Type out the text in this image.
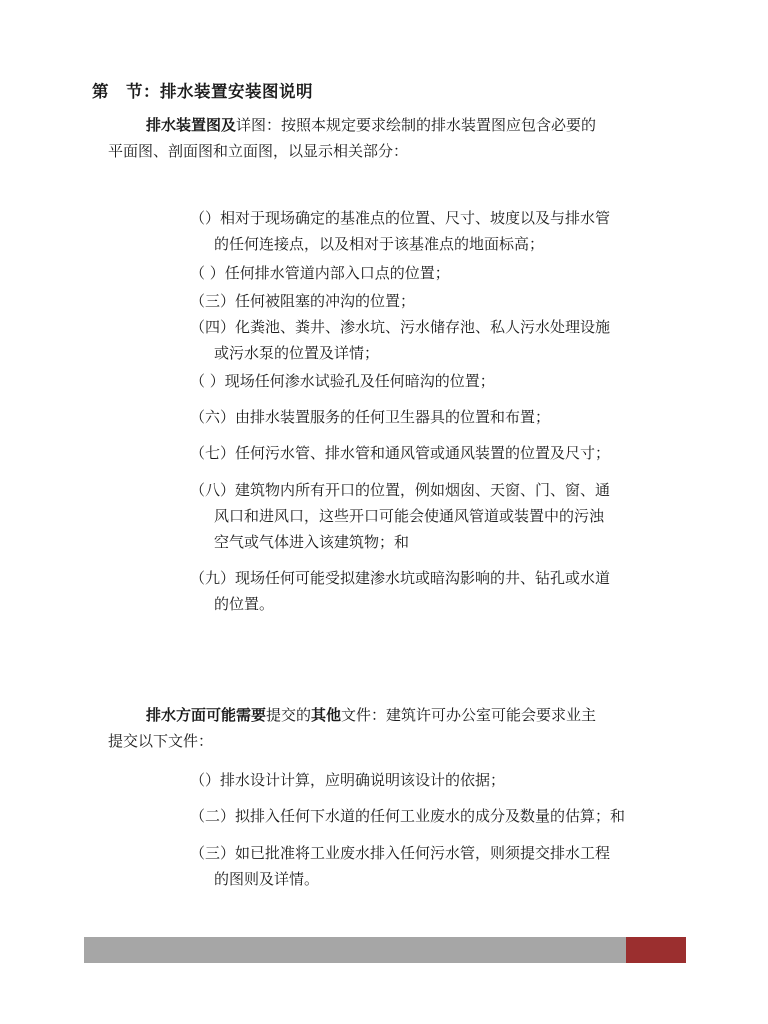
第　节：排水装置安装图说明
排水装置图及详图：按照本规定要求绘制的排水装置图应包含必要的
平面图、剖面图和立面图，以显示相关部分：
（）相对于现场确定的基准点的位置、尺寸、坡度以及与排水管
的任何连接点，以及相对于该基准点的地面标高；
（ ）任何排水管道内部入口点的位置；
（三）任何被阻塞的冲沟的位置；
（四）化粪池、粪井、渗水坑、污水储存池、私人污水处理设施
或污水泵的位置及详情；
（ ）现场任何渗水试验孔及任何暗沟的位置；
（六）由排水装置服务的任何卫生器具的位置和布置；
（七）任何污水管、排水管和通风管或通风装置的位置及尺寸；
（八）建筑物内所有开口的位置，例如烟囱、天窗、门、窗、通
风口和进风口，这些开口可能会使通风管道或装置中的污浊
空气或气体进入该建筑物；和
（九）现场任何可能受拟建渗水坑或暗沟影响的井、钻孔或水道
的位置。
排水方面可能需要提交的其他文件：建筑许可办公室可能会要求业主
提交以下文件：
（）排水设计计算，应明确说明该设计的依据；
（二）拟排入任何下水道的任何工业废水的成分及数量的估算；和
（三）如已批准将工业废水排入任何污水管，则须提交排水工程
的图则及详情。
